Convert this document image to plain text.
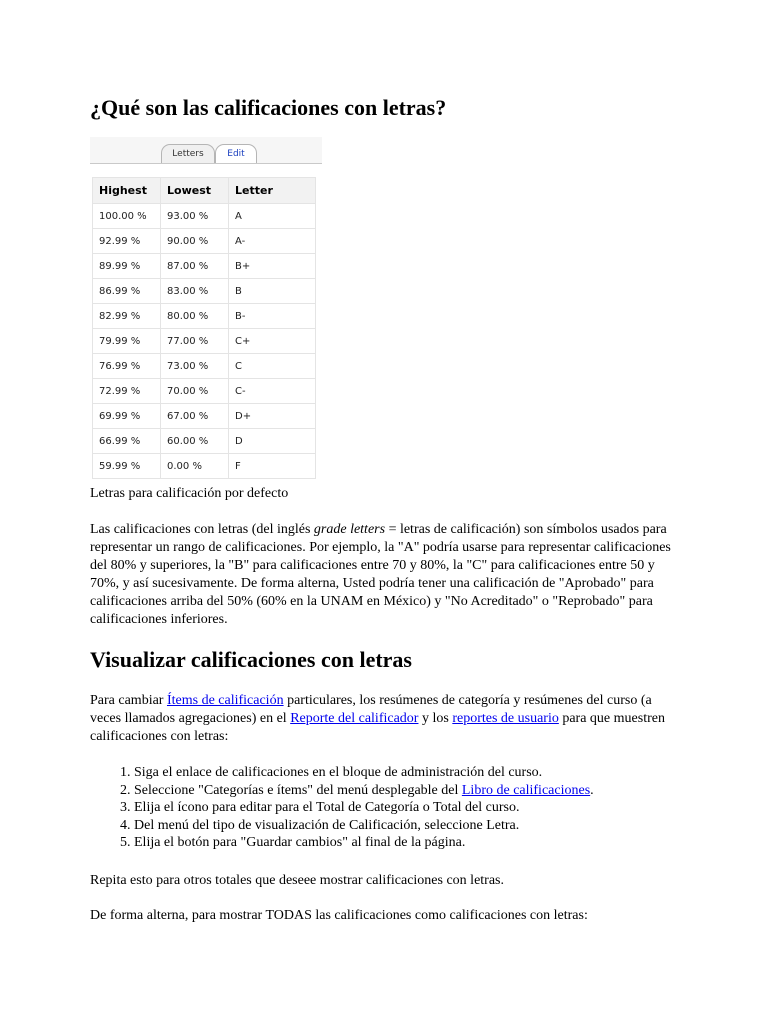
¿Qué son las calificaciones con letras?
Letters	Edit
Highest	Lowest	Letter
100.00 %	93.00 %	A
92.99 %	90.00 %	A-
89.99 %	87.00 %	B+
86.99 %	83.00 %	B
82.99 %	80.00 %	B-
79.99 %	77.00 %	C+
76.99 %	73.00 %	C
72.99 %	70.00 %	C-
69.99 %	67.00 %	D+
66.99 %	60.00 %	D
59.99 %	0.00 %	F
Letras para calificación por defecto

Las calificaciones con letras (del inglés grade letters = letras de calificación) son símbolos usados para representar un rango de calificaciones. Por ejemplo, la "A" podría usarse para representar calificaciones del 80% y superiores, la "B" para calificaciones entre 70 y 80%, la "C" para calificaciones entre 50 y 70%, y así sucesivamente. De forma alterna, Usted podría tener una calificación de "Aprobado" para calificaciones arriba del 50% (60% en la UNAM en México) y "No Acreditado" o "Reprobado" para calificaciones inferiores.

Visualizar calificaciones con letras

Para cambiar Ítems de calificación particulares, los resúmenes de categoría y resúmenes del curso (a veces llamados agregaciones) en el Reporte del calificador y los reportes de usuario para que muestren calificaciones con letras:

1. Siga el enlace de calificaciones en el bloque de administración del curso.
2. Seleccione "Categorías e ítems" del menú desplegable del Libro de calificaciones.
3. Elija el ícono para editar para el Total de Categoría o Total del curso.
4. Del menú del tipo de visualización de Calificación, seleccione Letra.
5. Elija el botón para "Guardar cambios" al final de la página.

Repita esto para otros totales que deseee mostrar calificaciones con letras.

De forma alterna, para mostrar TODAS las calificaciones como calificaciones con letras:
